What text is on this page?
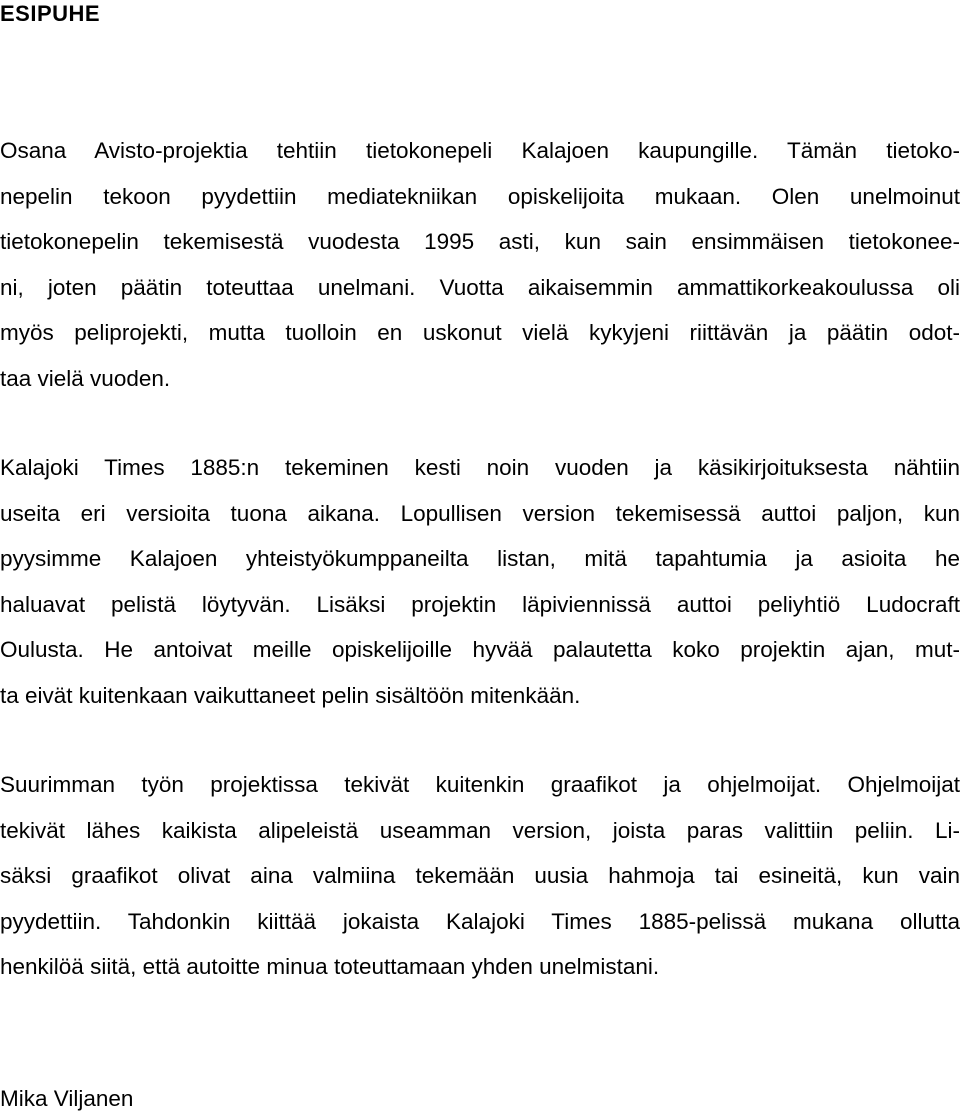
ESIPUHE

Osana Avisto-projektia tehtiin tietokonepeli Kalajoen kaupungille. Tämän tietoko-
nepelin tekoon pyydettiin mediatekniikan opiskelijoita mukaan. Olen unelmoinut
tietokonepelin tekemisestä vuodesta 1995 asti, kun sain ensimmäisen tietokonee-
ni, joten päätin toteuttaa unelmani. Vuotta aikaisemmin ammattikorkeakoulussa oli
myös peliprojekti, mutta tuolloin en uskonut vielä kykyjeni riittävän ja päätin odot-
taa vielä vuoden.

Kalajoki Times 1885:n tekeminen kesti noin vuoden ja käsikirjoituksesta nähtiin
useita eri versioita tuona aikana. Lopullisen version tekemisessä auttoi paljon, kun
pyysimme Kalajoen yhteistyökumppaneilta listan, mitä tapahtumia ja asioita he
haluavat pelistä löytyvän. Lisäksi projektin läpiviennissä auttoi peliyhtiö Ludocraft
Oulusta. He antoivat meille opiskelijoille hyvää palautetta koko projektin ajan, mut-
ta eivät kuitenkaan vaikuttaneet pelin sisältöön mitenkään.

Suurimman työn projektissa tekivät kuitenkin graafikot ja ohjelmoijat. Ohjelmoijat
tekivät lähes kaikista alipeleistä useamman version, joista paras valittiin peliin. Li-
säksi graafikot olivat aina valmiina tekemään uusia hahmoja tai esineitä, kun vain
pyydettiin. Tahdonkin kiittää jokaista Kalajoki Times 1885-pelissä mukana ollutta
henkilöä siitä, että autoitte minua toteuttamaan yhden unelmistani.

Mika Viljanen
